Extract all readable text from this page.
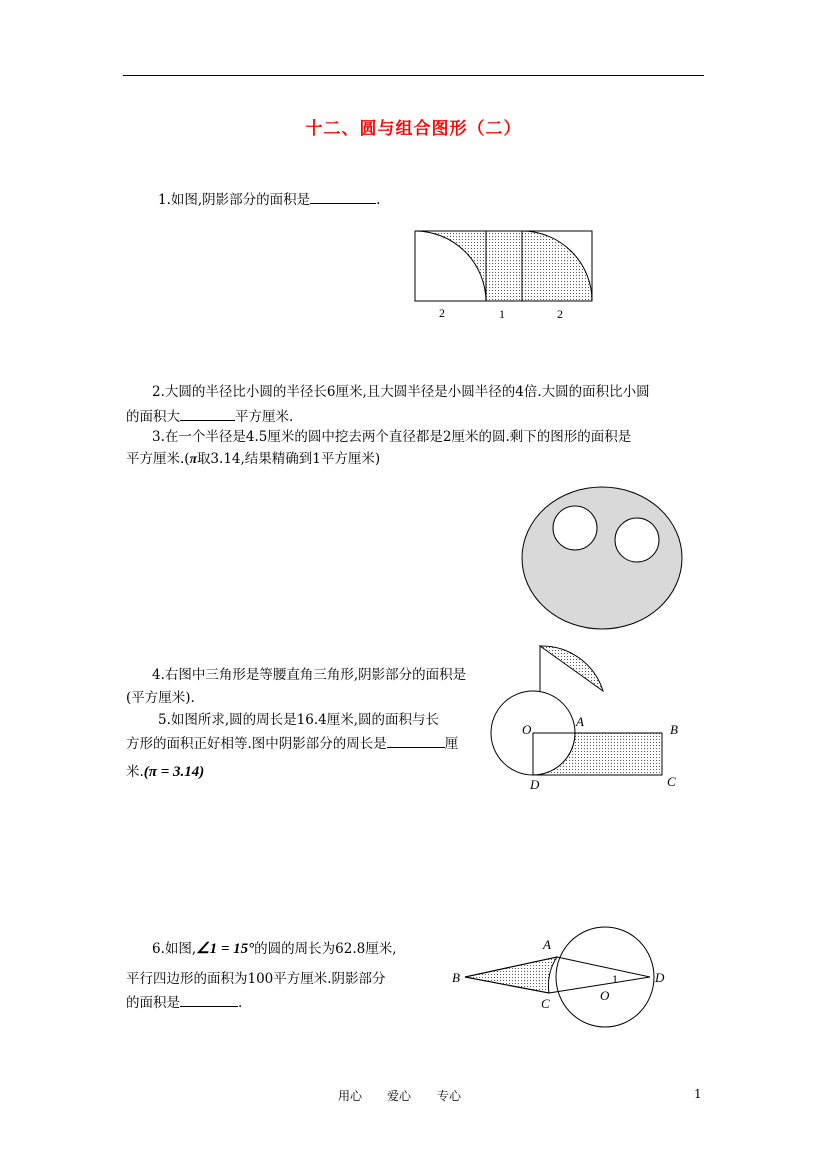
十二、圆与组合图形（二）
1.如图,阴影部分的面积是	.
2	1	2
2.大圆的半径比小圆的半径长6厘米,且大圆半径是小圆半径的4倍.大圆的面积比小圆
的面积大	平方厘米.
3.在一个半径是4.5厘米的圆中挖去两个直径都是2厘米的圆.剩下的图形的面积是
平方厘米.(π取3.14,结果精确到1平方厘米)
4.右图中三角形是等腰直角三角形,阴影部分的面积是
(平方厘米).
5.如图所求,圆的周长是16.4厘米,圆的面积与长
方形的面积正好相等.图中阴影部分的周长是	厘
米.(π = 3.14)
O
A
B
C
D
6.如图,∠1 = 15°的圆的周长为62.8厘米,
平行四边形的面积为100平方厘米.阴影部分
的面积是	.
A
B
C
D
O
1
用心 爱心 专心	1
